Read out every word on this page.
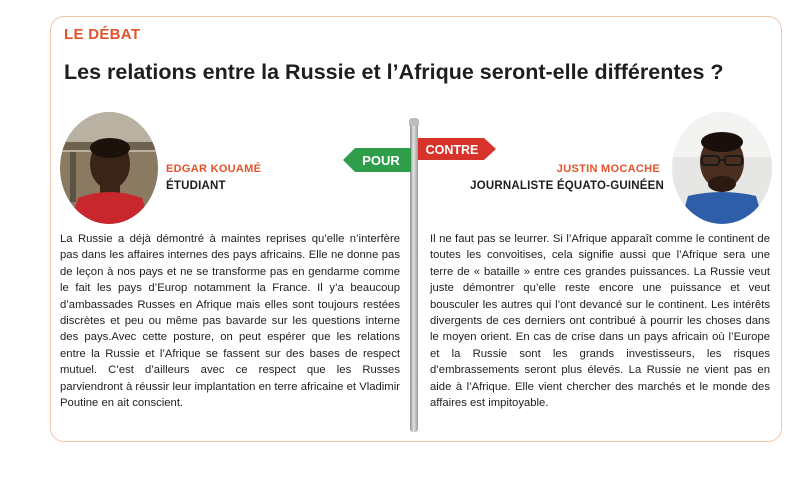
LE DÉBAT
Les relations entre la Russie et l’Afrique seront-elle différentes ?
EDGAR KOUAMÉ
ÉTUDIANT
JUSTIN MOCACHE
JOURNALISTE ÉQUATO-GUINÉEN
POUR
CONTRE

La Russie a déjà démontré à maintes reprises qu’elle n’interfère pas dans les affaires internes des pays africains. Elle ne donne pas de leçon à nos pays et ne se transforme pas en gendarme comme le fait les pays d’Europ notamment la France. Il y’a beaucoup d’ambassades Russes en Afrique mais elles sont toujours restées discrètes et peu ou même pas bavarde sur les questions interne des pays.Avec cette posture, on peut espérer que les relations entre la Russie et l’Afrique se fassent sur des bases de respect mutuel. C’est d’ailleurs avec ce respect que les Russes parviendront à réussir leur implantation en terre africaine et Vladimir Poutine en ait conscient.

Il ne faut pas se leurrer. Si l’Afrique apparaît comme le continent de toutes les convoitises, cela signifie aussi que l’Afrique sera une terre de « bataille » entre ces grandes puissances. La Russie veut juste démontrer qu’elle reste encore une puissance et veut bousculer les autres qui l’ont devancé sur le continent. Les intérêts divergents de ces derniers ont contribué à pourrir les choses dans le moyen orient. En cas de crise dans un pays africain où l’Europe et la Russie sont les grands investisseurs, les risques d’embrassements seront plus élevés. La Russie ne vient pas en aide à l’Afrique. Elle vient chercher des marchés et le monde des affaires est impitoyable.
